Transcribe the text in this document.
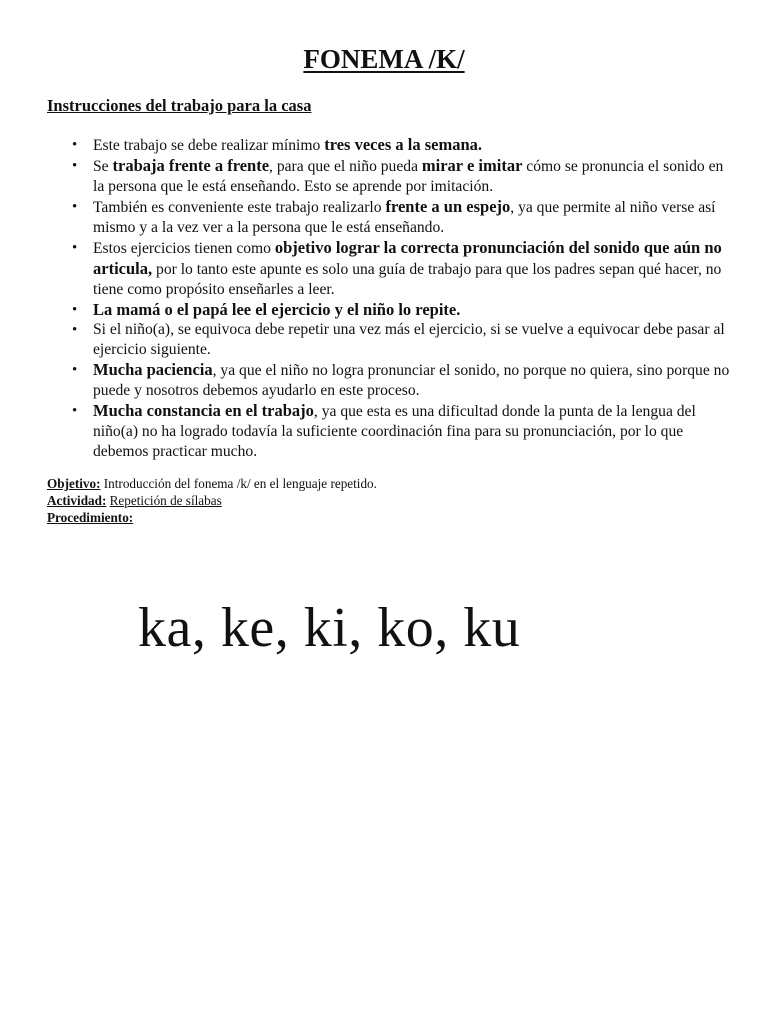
FONEMA /K/

Instrucciones del trabajo para la casa

• Este trabajo se debe realizar mínimo tres veces a la semana.
• Se trabaja frente a frente, para que el niño pueda mirar e imitar cómo se pronuncia el sonido en la persona que le está enseñando. Esto se aprende por imitación.
• También es conveniente este trabajo realizarlo frente a un espejo, ya que permite al niño verse así mismo y a la vez ver a la persona que le está enseñando.
• Estos ejercicios tienen como objetivo lograr la correcta pronunciación del sonido que aún no articula, por lo tanto este apunte es solo una guía de trabajo para que los padres sepan qué hacer, no tiene como propósito enseñarles a leer.
• La mamá o el papá lee el ejercicio y el niño lo repite.
• Si el niño(a), se equivoca debe repetir una vez más el ejercicio, si se vuelve a equivocar debe pasar al ejercicio siguiente.
• Mucha paciencia, ya que el niño no logra pronunciar el sonido, no porque no quiera, sino porque no puede y nosotros debemos ayudarlo en este proceso.
• Mucha constancia en el trabajo, ya que esta es una dificultad donde la punta de la lengua del niño(a) no ha logrado todavía la suficiente coordinación fina para su pronunciación, por lo que debemos practicar mucho.
Objetivo: Introducción del fonema /k/ en el lenguaje repetido.
Actividad: Repetición de sílabas
Procedimiento:

ka, ke, ki, ko, ku
